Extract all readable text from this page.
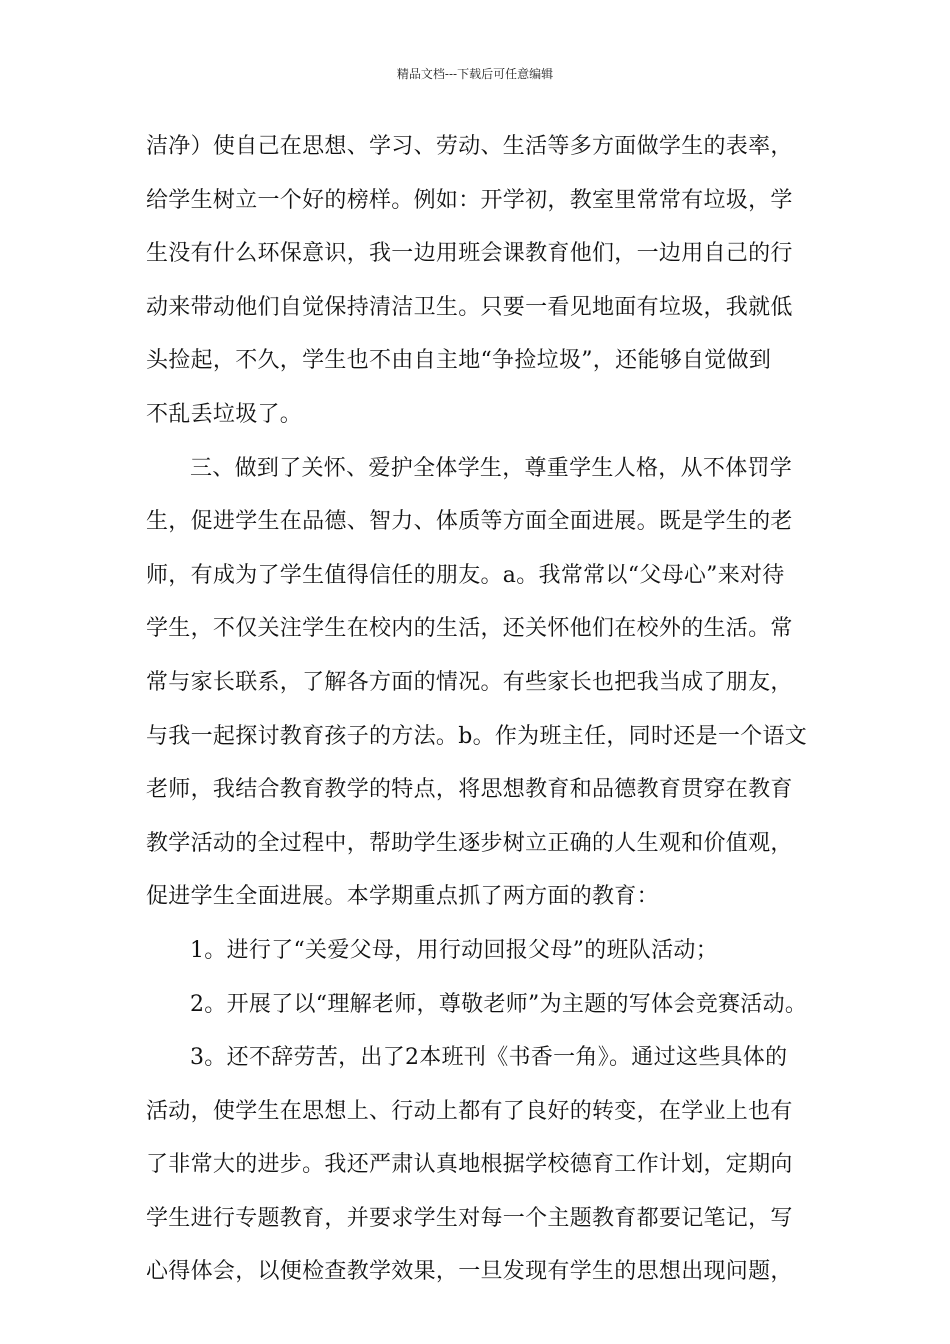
精品文档---下载后可任意编辑
洁净）使自己在思想、学习、劳动、生活等多方面做学生的表率，
给学生树立一个好的榜样。例如：开学初，教室里常常有垃圾，学
生没有什么环保意识，我一边用班会课教育他们，一边用自己的行
动来带动他们自觉保持清洁卫生。只要一看见地面有垃圾，我就低
头捡起，不久，学生也不由自主地“争捡垃圾”，还能够自觉做到
不乱丢垃圾了。
三、做到了关怀、爱护全体学生，尊重学生人格，从不体罚学
生，促进学生在品德、智力、体质等方面全面进展。既是学生的老
师，有成为了学生值得信任的朋友。a。我常常以“父母心”来对待
学生，不仅关注学生在校内的生活，还关怀他们在校外的生活。常
常与家长联系，了解各方面的情况。有些家长也把我当成了朋友，
与我一起探讨教育孩子的方法。b。作为班主任，同时还是一个语文
老师，我结合教育教学的特点，将思想教育和品德教育贯穿在教育
教学活动的全过程中，帮助学生逐步树立正确的人生观和价值观，
促进学生全面进展。本学期重点抓了两方面的教育：
1。进行了“关爱父母，用行动回报父母”的班队活动；
2。开展了以“理解老师，尊敬老师”为主题的写体会竞赛活动。
3。还不辞劳苦，出了2本班刊《书香一角》。通过这些具体的
活动，使学生在思想上、行动上都有了良好的转变，在学业上也有
了非常大的进步。我还严肃认真地根据学校德育工作计划，定期向
学生进行专题教育，并要求学生对每一个主题教育都要记笔记，写
心得体会，以便检查教学效果，一旦发现有学生的思想出现问题，
